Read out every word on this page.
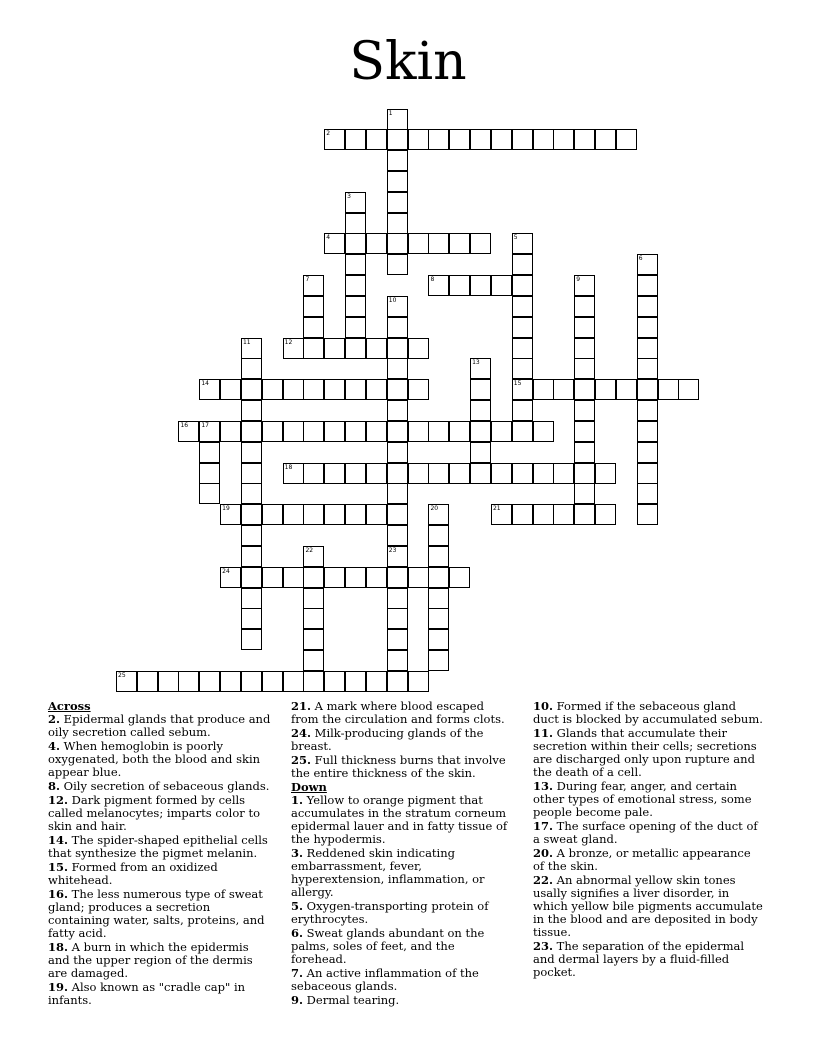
Skin
1
2
3
4	5
15
6
7	8	9
10
23
11	12
13
14
16 17
18
19	20	21
22
24
25
Across
2. Epidermal glands that produce and oily secretion called sebum.
4. When hemoglobin is poorly oxygenated, both the blood and skin appear blue.
8. Oily secretion of sebaceous glands.
12. Dark pigment formed by cells called melanocytes; imparts color to skin and hair.
14. The spider-shaped epithelial cells that synthesize the pigmet melanin.
15. Formed from an oxidized whitehead.
16. The less numerous type of sweat gland; produces a secretion containing water, salts, proteins, and fatty acid.
18. A burn in which the epidermis and the upper region of the dermis are damaged.
19. Also known as "cradle cap" in infants.
21. A mark where blood escaped from the circulation and forms clots.
24. Milk-producing glands of the breast.
25. Full thickness burns that involve the entire thickness of the skin.
Down
1. Yellow to orange pigment that accumulates in the stratum corneum epidermal lauer and in fatty tissue of the hypodermis.
3. Reddened skin indicating embarrassment, fever, hyperextension, inflammation, or allergy.
5. Oxygen-transporting protein of erythrocytes.
6. Sweat glands abundant on the palms, soles of feet, and the forehead.
7. An active inflammation of the sebaceous glands.
9. Dermal tearing.
10. Formed if the sebaceous gland duct is blocked by accumulated sebum.
11. Glands that accumulate their secretion within their cells; secretions are discharged only upon rupture and the death of a cell.
13. During fear, anger, and certain other types of emotional stress, some people become pale.
17. The surface opening of the duct of a sweat gland.
20. A bronze, or metallic appearance of the skin.
22. An abnormal yellow skin tones usally signifies a liver disorder, in which yellow bile pigments accumulate in the blood and are deposited in body tissue.
23. The separation of the epidermal and dermal layers by a fluid-filled pocket.
